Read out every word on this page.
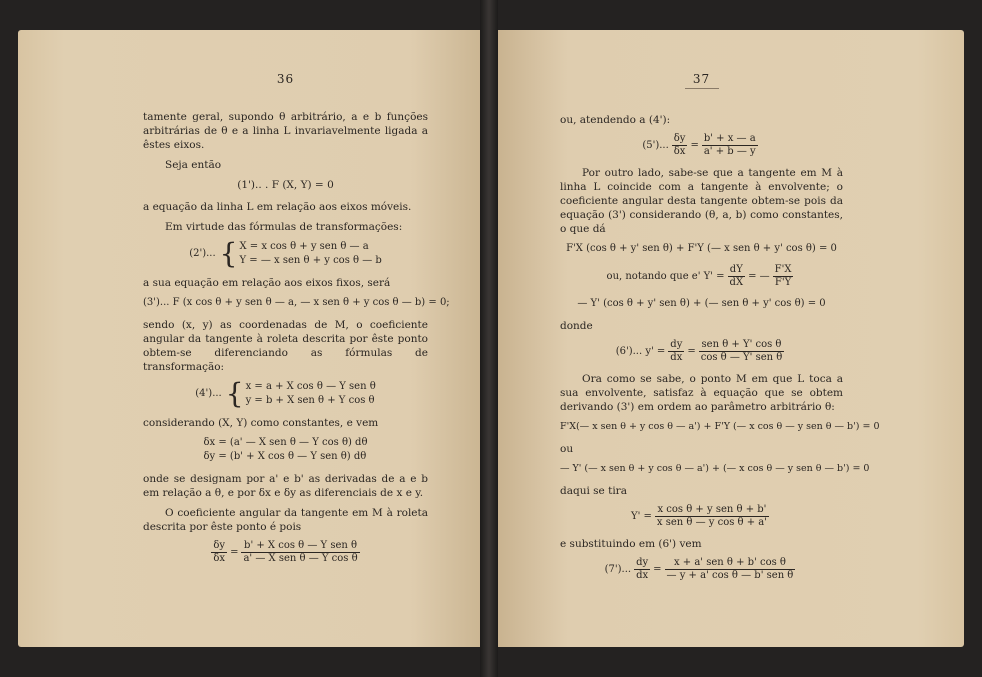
36

tamente geral, supondo θ arbitrário, a e b funções arbitrárias de θ e a linha L invariavelmente ligada a êstes eixos.

Seja então

(1').. . F (X, Y) = 0

a equação da linha L em relação aos eixos móveis.

Em virtude das fórmulas de transformações:

(2')... { X = x cos θ + y sen θ — a
Y = — x sen θ + y cos θ — b

a sua equação em relação aos eixos fixos, será

(3')... F (x cos θ + y sen θ — a, — x sen θ + y cos θ — b) = 0;

sendo (x, y) as coordenadas de M, o coeficiente angular da tangente à roleta descrita por êste ponto obtem-se diferenciando as fórmulas de transformação:

(4')... { x = a + X cos θ — Y sen θ
y = b + X sen θ + Y cos θ

considerando (X, Y) como constantes, e vem

δx = (a' — X sen θ — Y cos θ) dθ
δy = (b' + X cos θ — Y sen θ) dθ

onde se designam por a' e b' as derivadas de a e b em relação a θ, e por δx e δy as diferenciais de x e y.

O coeficiente angular da tangente em M à roleta descrita por êste ponto é pois

$\frac{\delta y}{\delta x} = \frac{\text{b' + X cos θ — Y sen θ}}{\text{a' — X sen θ — Y cos θ}}$
37

ou, atendendo a (4'):

(5')... $\frac{\delta y}{\delta x} = \frac{b' + x — a}{a' + b — y}$

Por outro lado, sabe-se que a tangente em M à linha L coincide com a tangente à envolvente; o coeficiente angular desta tangente obtem-se pois da equação (3') considerando (θ, a, b) como constantes, o que dá

F'X (cos θ + y' sen θ) + F'Y (— x sen θ + y' cos θ) = 0
ou, notando que e' $Y' = \frac{dY}{dX}$ = — $\frac{F'X}{F'Y}$
— Y' (cos θ + y' sen θ) + (— sen θ + y' cos θ) = 0

donde

(6')... $y' = \frac{dy}{dx} = \frac{\text{sen θ + Y' cos θ}}{\text{cos θ — Y' sen θ}}$

Ora como se sabe, o ponto M em que L toca a sua envolvente, satisfaz à equação que se obtem derivando (3') em ordem ao parâmetro arbitrário θ:

F'X(— x sen θ + y cos θ — a') + F'Y (— x cos θ — y sen θ — b') = 0

ou

— Y' (— x sen θ + y cos θ — a') + (— x cos θ — y sen θ — b') = 0

daqui se tira

$Y' = \frac{\text{x cos θ + y sen θ + b'}}{\text{x sen θ — y cos θ + a'}}$

e substituindo em (6') vem

(7')... $\frac{dy}{dx} = \frac{\text{x + a' sen θ + b' cos θ}}{\text{— y + a' cos θ — b' sen θ}}$
